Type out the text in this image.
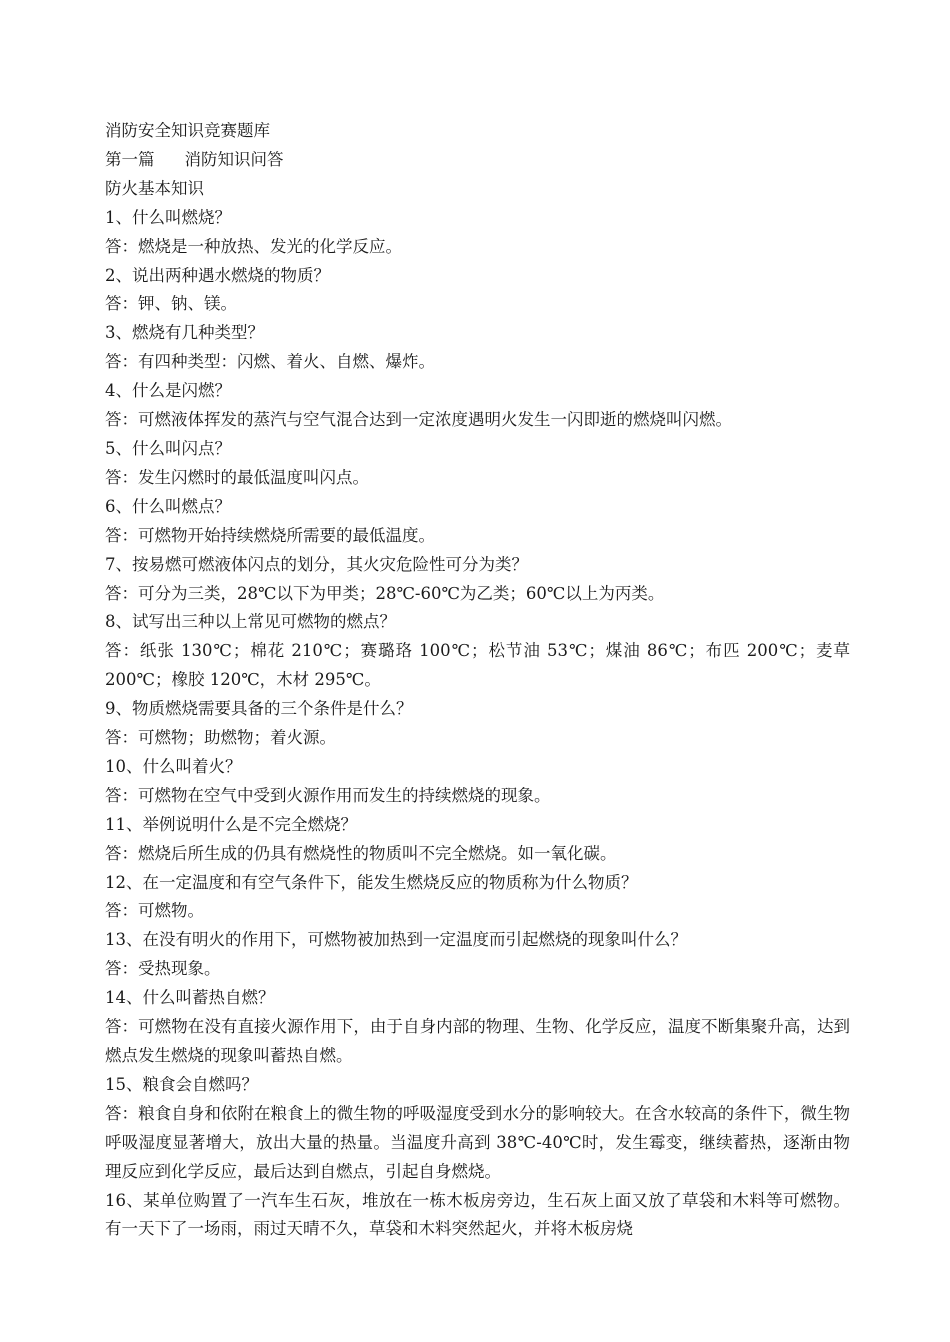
消防安全知识竞赛题库

第一篇 消防知识问答

防火基本知识

1、什么叫燃烧？

答：燃烧是一种放热、发光的化学反应。

2、说出两种遇水燃烧的物质？

答：钾、钠、镁。

3、燃烧有几种类型？

答：有四种类型：闪燃、着火、自燃、爆炸。

4、什么是闪燃？

答：可燃液体挥发的蒸汽与空气混合达到一定浓度遇明火发生一闪即逝的燃烧叫闪燃。

5、什么叫闪点？

答：发生闪燃时的最低温度叫闪点。

6、什么叫燃点？

答：可燃物开始持续燃烧所需要的最低温度。

7、按易燃可燃液体闪点的划分，其火灾危险性可分为类？

答：可分为三类，28℃以下为甲类；28℃-60℃为乙类；60℃以上为丙类。

8、试写出三种以上常见可燃物的燃点？

答：纸张 130℃；棉花 210℃；赛璐珞 100℃；松节油 53℃；煤油 86℃；布匹 200℃；麦草 200℃；橡胶 120℃，木材 295℃。

9、物质燃烧需要具备的三个条件是什么？

答：可燃物；助燃物；着火源。

10、什么叫着火？

答：可燃物在空气中受到火源作用而发生的持续燃烧的现象。

11、举例说明什么是不完全燃烧？

答：燃烧后所生成的仍具有燃烧性的物质叫不完全燃烧。如一氧化碳。

12、在一定温度和有空气条件下，能发生燃烧反应的物质称为什么物质？

答：可燃物。

13、在没有明火的作用下，可燃物被加热到一定温度而引起燃烧的现象叫什么？

答：受热现象。

14、什么叫蓄热自燃？

答：可燃物在没有直接火源作用下，由于自身内部的物理、生物、化学反应，温度不断集聚升高，达到燃点发生燃烧的现象叫蓄热自燃。

15、粮食会自燃吗？

答：粮食自身和依附在粮食上的微生物的呼吸湿度受到水分的影响较大。在含水较高的条件下，微生物呼吸湿度显著增大，放出大量的热量。当温度升高到 38℃-40℃时，发生霉变，继续蓄热，逐渐由物理反应到化学反应，最后达到自燃点，引起自身燃烧。

16、某单位购置了一汽车生石灰，堆放在一栋木板房旁边，生石灰上面又放了草袋和木料等可燃物。有一天下了一场雨，雨过天晴不久，草袋和木料突然起火，并将木板房烧
